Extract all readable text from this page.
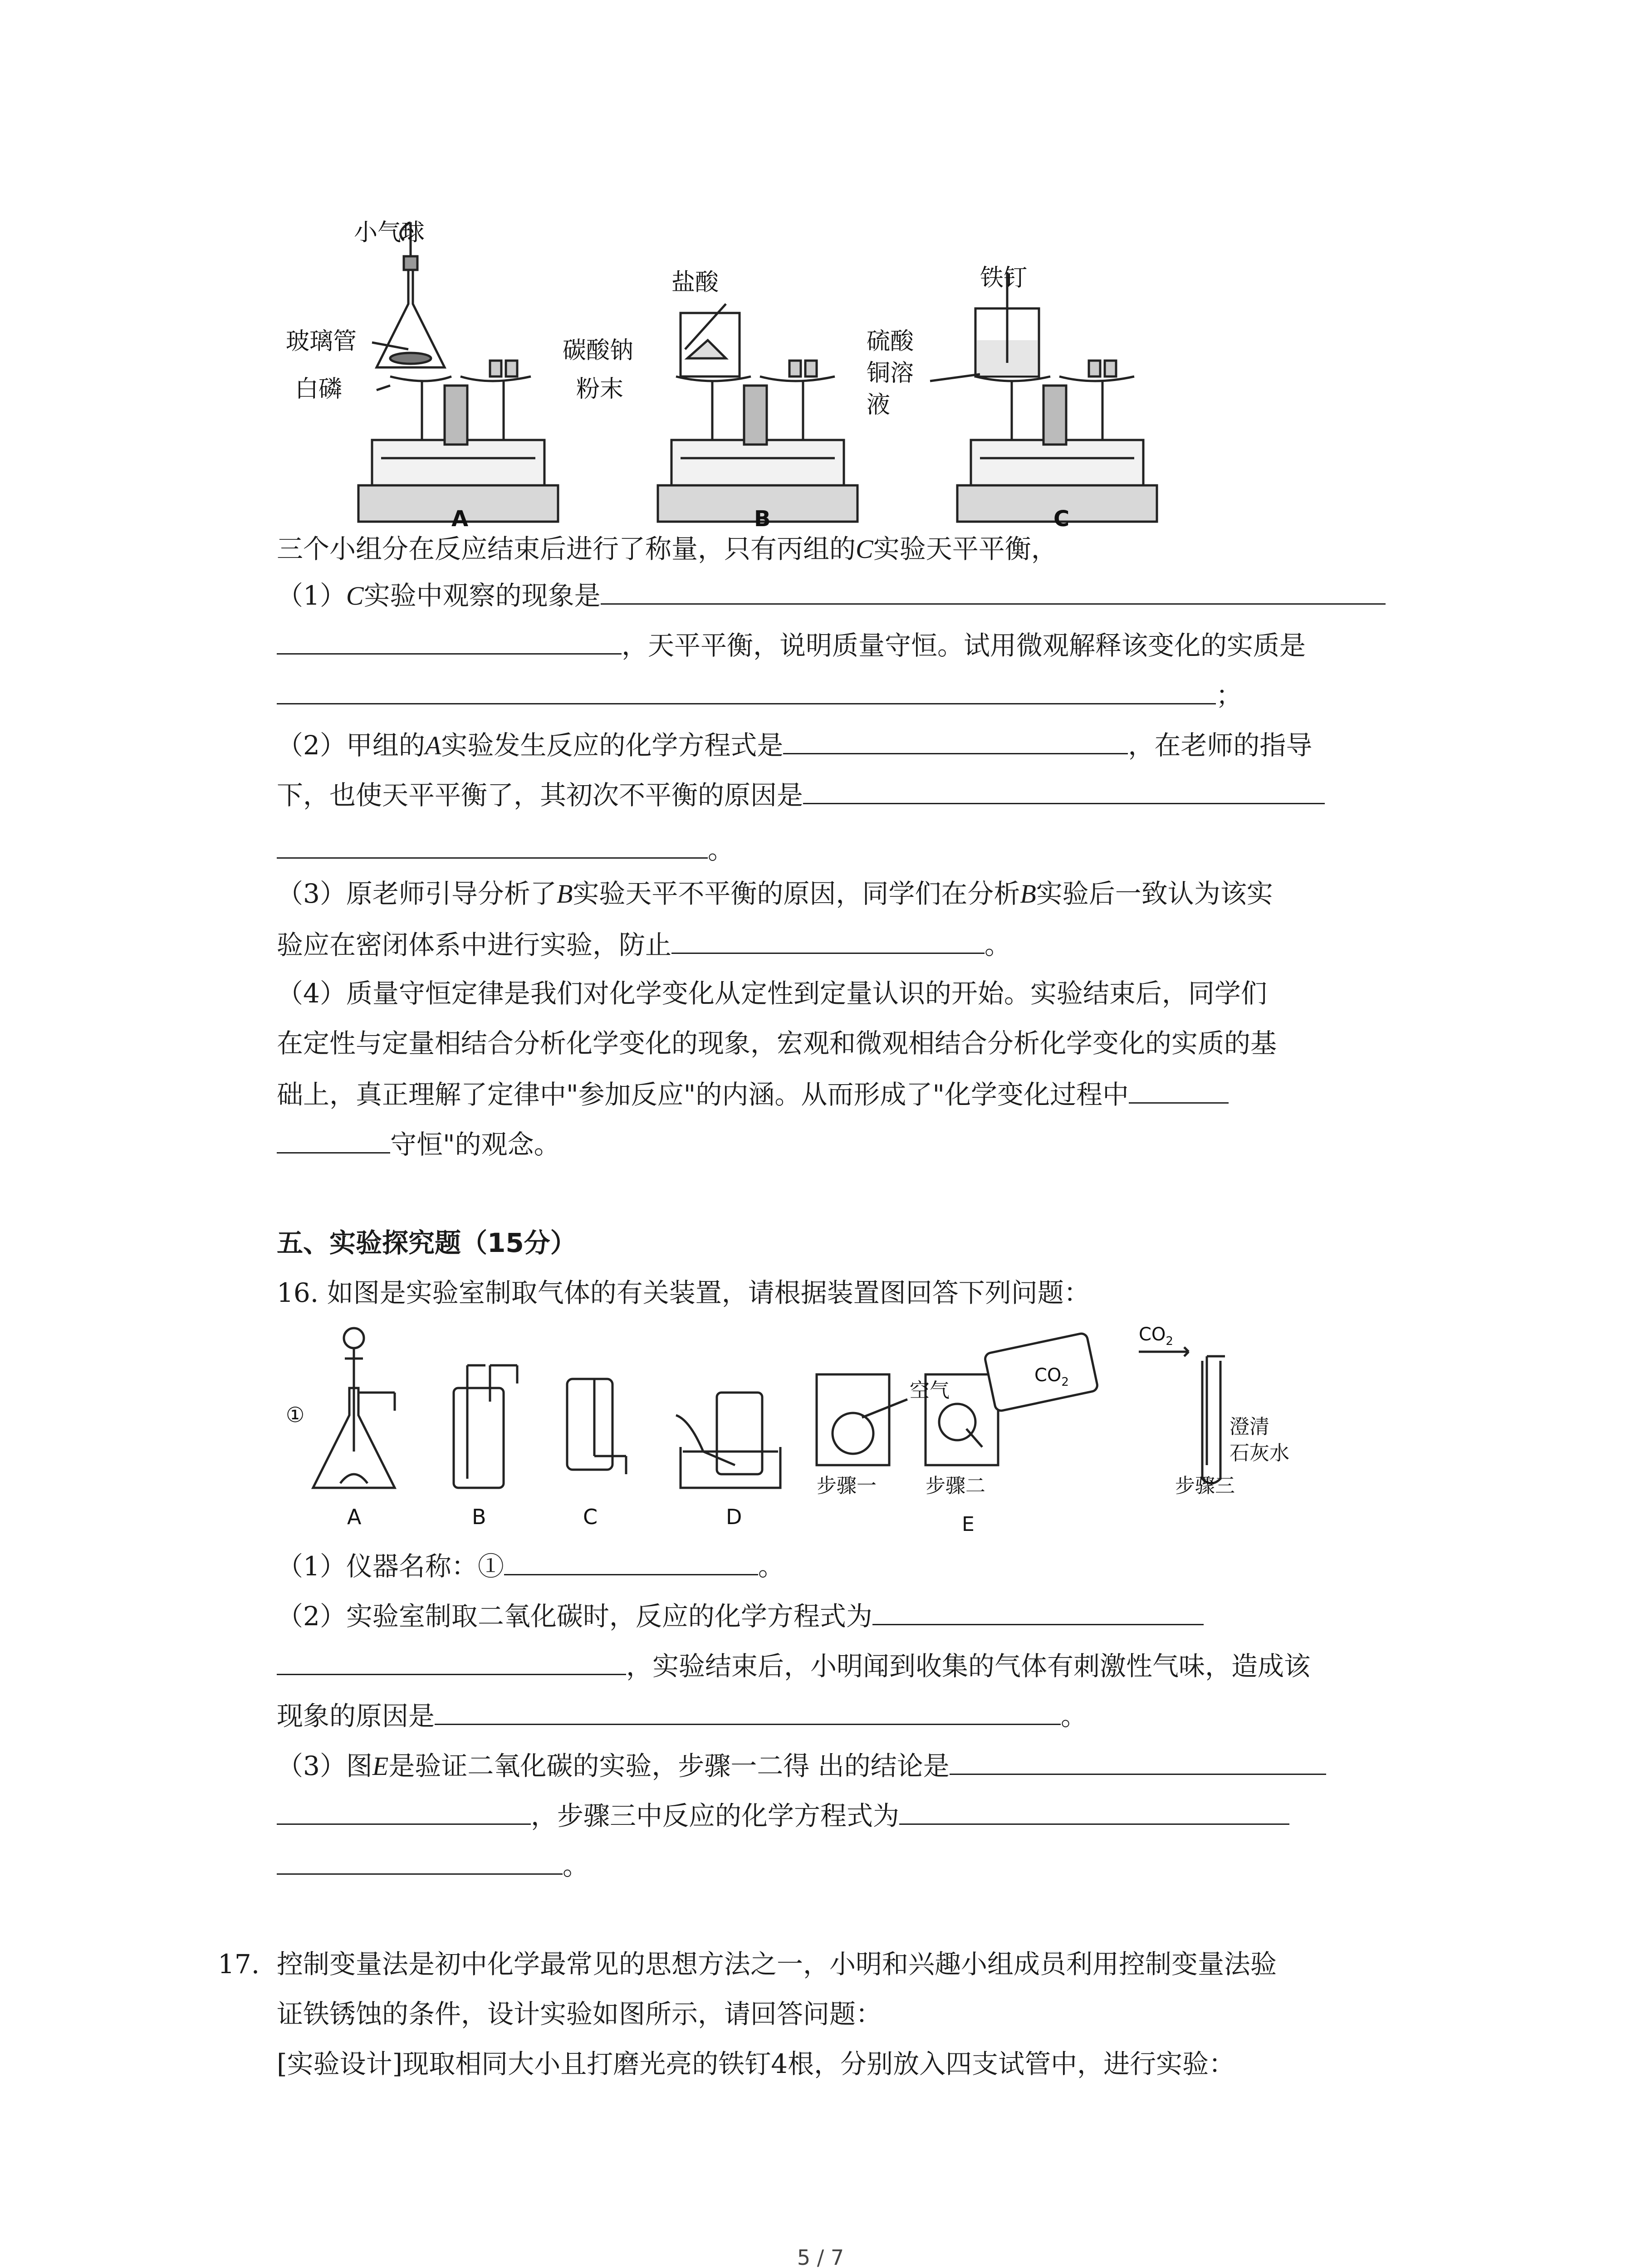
小气球
玻璃管
白磷
盐酸
碳酸钠
粉末
铁钉
硫酸
铜溶
液
A	B	C
三个小组分在反应结束后进行了称量，只有丙组的C实验天平平衡，
（1）C实验中观察的现象是
，天平平衡，说明质量守恒。试用微观解释该变化的实质是
；
（2）甲组的A实验发生反应的化学方程式是	，在老师的指导
下，也使天平平衡了，其初次不平衡的原因是
。
（3）原老师引导分析了B实验天平不平衡的原因，同学们在分析B实验后一致认为该实
验应在密闭体系中进行实验，防止	。
（4）质量守恒定律是我们对化学变化从定性到定量认识的开始。实验结束后，同学们
在定性与定量相结合分析化学变化的现象，宏观和微观相结合分析化学变化的实质的基
础上，真正理解了定律中"参加反应"的内涵。从而形成了"化学变化过程中
守恒"的观念。
五、实验探究题（15分）
16. 如图是实验室制取气体的有关装置，请根据装置图回答下列问题：
①
A	B	C	D
空气
$CO_2$
$CO_2$
澄清
石灰水
步骤一 步骤二	步骤三
E
（1）仪器名称：①	。
（2）实验室制取二氧化碳时，反应的化学方程式为
，实验结束后，小明闻到收集的气体有刺激性气味，造成该
现象的原因是	。
（3）图E是验证二氧化碳的实验，步骤一二得 出的结论是
，步骤三中反应的化学方程式为
。
17. 控制变量法是初中化学最常见的思想方法之一，小明和兴趣小组成员利用控制变量法验
证铁锈蚀的条件，设计实验如图所示，请回答问题：
[实验设计]现取相同大小且打磨光亮的铁钉4根，分别放入四支试管中，进行实验：
5 / 7
